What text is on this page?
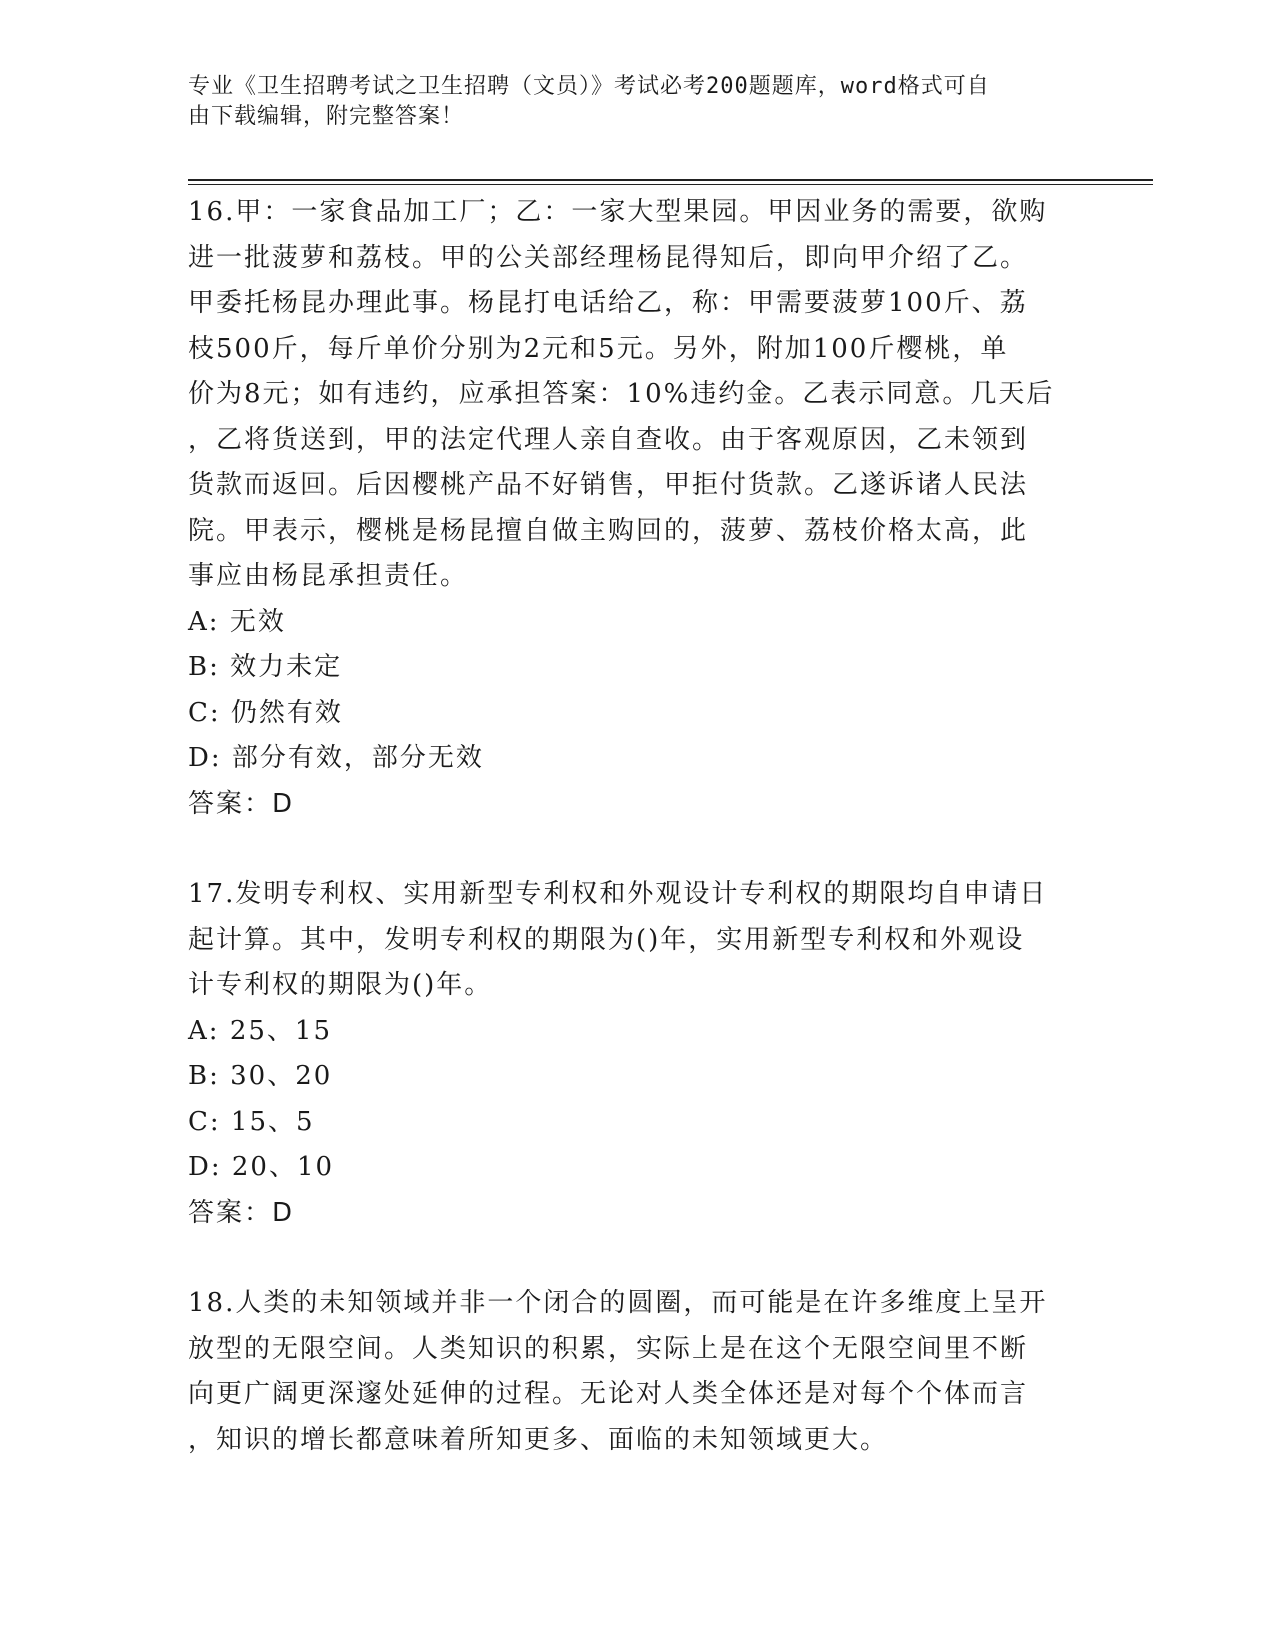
专业《卫生招聘考试之卫生招聘（文员）》考试必考200题题库，word格式可自
由下载编辑，附完整答案！
16.甲：一家食品加工厂；乙：一家大型果园。甲因业务的需要，欲购
进一批菠萝和荔枝。甲的公关部经理杨昆得知后，即向甲介绍了乙。
甲委托杨昆办理此事。杨昆打电话给乙，称：甲需要菠萝100斤、荔
枝500斤，每斤单价分别为2元和5元。另外，附加100斤樱桃，单
价为8元；如有违约，应承担答案：10%违约金。乙表示同意。几天后
，乙将货送到，甲的法定代理人亲自查收。由于客观原因，乙未领到
货款而返回。后因樱桃产品不好销售，甲拒付货款。乙遂诉诸人民法
院。甲表示，樱桃是杨昆擅自做主购回的，菠萝、荔枝价格太高，此
事应由杨昆承担责任。
A: 无效
B: 效力未定
C: 仍然有效
D: 部分有效，部分无效
答案：D
17.发明专利权、实用新型专利权和外观设计专利权的期限均自申请日
起计算。其中，发明专利权的期限为()年，实用新型专利权和外观设
计专利权的期限为()年。
A: 25、15
B: 30、20
C: 15、5
D: 20、10
答案：D
18.人类的未知领域并非一个闭合的圆圈，而可能是在许多维度上呈开
放型的无限空间。人类知识的积累，实际上是在这个无限空间里不断
向更广阔更深邃处延伸的过程。无论对人类全体还是对每个个体而言
，知识的增长都意味着所知更多、面临的未知领域更大。
